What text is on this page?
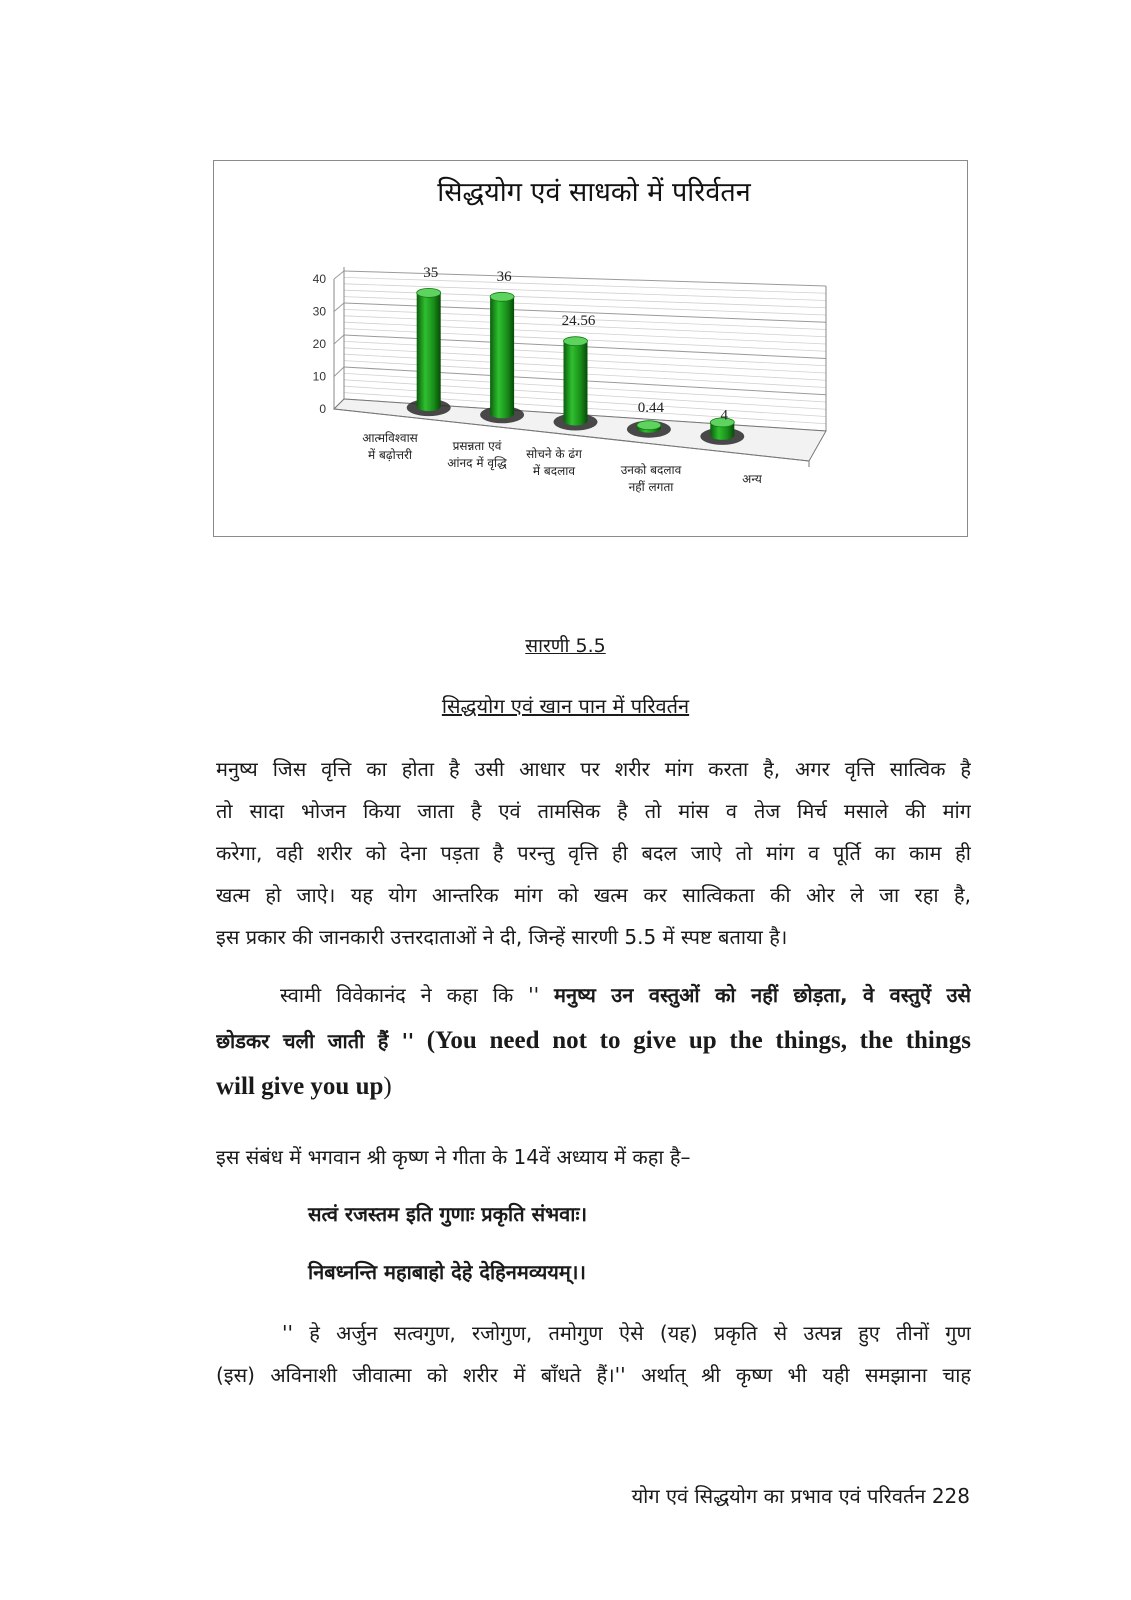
सिद्धयोग एवं साधको में परिर्वतन
0
10
20
30
40	35	36
24.56
0.44	4
आत्मविश्वास
में बढ़ोत्तरी
प्रसन्नता एवं
आंनद में वृद्धि
सोचने के ढंग
में बदलाव	उनको बदलाव
नहीं लगता
अन्य
सारणी 5.5
सिद्धयोग एवं खान पान में परिवर्तन
मनुष्य जिस वृत्ति का होता है उसी आधार पर शरीर मांग करता है, अगर वृत्ति सात्विक है
तो सादा भोजन किया जाता है एवं तामसिक है तो मांस व तेज मिर्च मसाले की मांग
करेगा, वही शरीर को देना पड़ता है परन्तु वृत्ति ही बदल जाऐ तो मांग व पूर्ति का काम ही
खत्म हो जाऐ। यह योग आन्तरिक मांग को खत्म कर सात्विकता की ओर ले जा रहा है,
इस प्रकार की जानकारी उत्तरदाताओं ने दी, जिन्हें सारणी 5.5 में स्पष्ट बताया है।
स्वामी विवेकानंद ने कहा कि '' मनुष्य उन वस्तुओं को नहीं छोड़ता, वे वस्तुऐं उसे
छोडकर चली जाती हैं '' (You need not to give up the things, the things
will give you up)
इस संबंध में भगवान श्री कृष्ण ने गीता के 14वें अध्याय में कहा है–
सत्वं रजस्तम इति गुणाः प्रकृति संभवाः।
निबध्नन्ति महाबाहो देहे देहिनमव्ययम्।।
'' हे अर्जुन सत्वगुण, रजोगुण, तमोगुण ऐसे (यह) प्रकृति से उत्पन्न हुए तीनों गुण
(इस) अविनाशी जीवात्मा को शरीर में बाँधते हैं।'' अर्थात् श्री कृष्ण भी यही समझाना चाह
योग एवं सिद्धयोग का प्रभाव एवं परिवर्तन 228
